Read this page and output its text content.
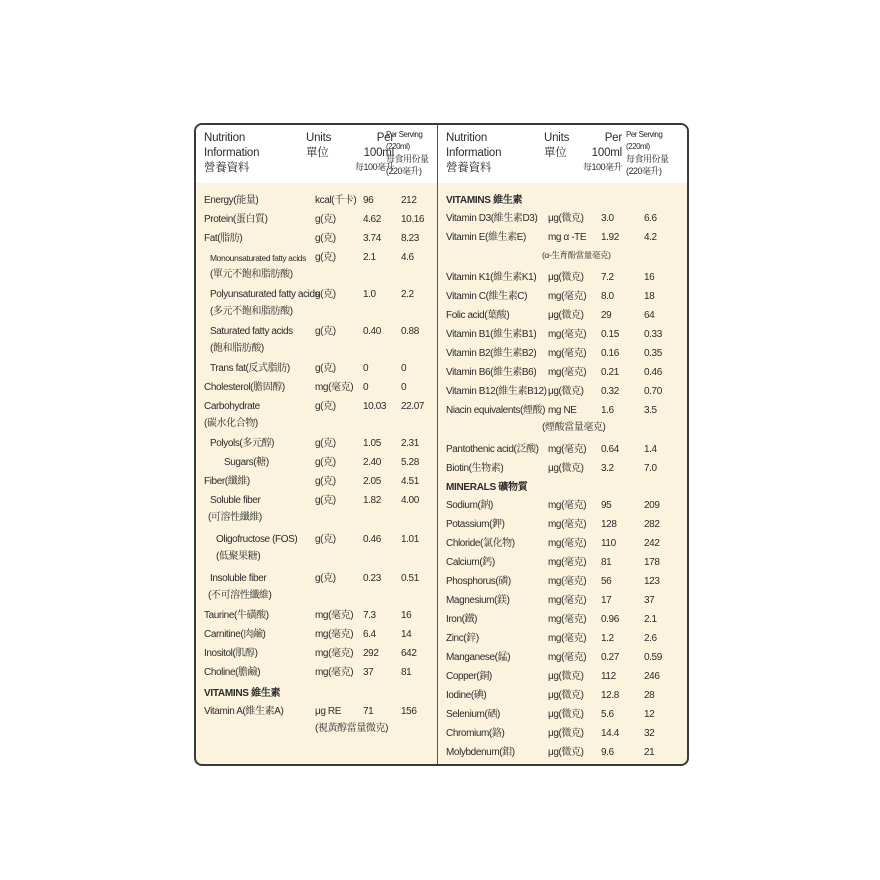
Nutrition
Information
營養資料
Units
單位
Per
100ml
每100毫升
Per Serving (220ml)
每食用份量
(220毫升)
Energy(能量)	kcal(千卡) 96	212
Protein(蛋白質)	g(克)	4.62 10.16
Fat(脂肪)	g(克)	3.74 8.23
Monounsaturated fatty acids
(單元不飽和脂肪酸)
g(克)	2.1	4.6
Polyunsaturated fatty acids
(多元不飽和脂肪酸)
g(克)	1.0	2.2
Saturated fatty acids
(飽和脂肪酸)
g(克)	0.40 0.88
Trans fat(反式脂肪)	g(克)	0	0
Cholesterol(膽固醇)	mg(毫克) 0	0
Carbohydrate
(碳水化合物)
g(克)	10.03 22.07
Polyols(多元醇)	g(克)	1.05 2.31
Sugars(糖)	g(克)	2.40 5.28
Fiber(纖維)	g(克)	2.05 4.51
Soluble fiber
(可溶性纖維)
g(克)	1.82 4.00
Oligofructose (FOS)
(低聚果糖)
g(克)	0.46 1.01
Insoluble fiber
(不可溶性纖維)
g(克)	0.23 0.51
Taurine(牛磺酸)	mg(毫克) 7.3	16
Carnitine(肉鹼)	mg(毫克) 6.4	14
Inositol(肌醇)	mg(毫克) 292 642
Choline(膽鹼)	mg(毫克) 37	81
VITAMINS 維生素
Vitamin A(維生素A)	μg RE
(視黃醇當量微克)
71	156
Nutrition
Information
營養資料
Units
單位
Per
100ml
每100毫升
Per Serving (220ml)
每食用份量
(220毫升)
VITAMINS 維生素
Vitamin D3(維生素D3) μg(微克) 3.0	6.6
Vitamin E(維生素E) mg α -TE
(α-生育酚當量毫克)
1.92	4.2
Vitamin K1(維生素K1) μg(微克) 7.2	16
Vitamin C(維生素C) mg(毫克) 8.0	18
Folic acid(葉酸)	μg(微克) 29	64
Vitamin B1(維生素B1) mg(毫克) 0.15	0.33
Vitamin B2(維生素B2) mg(毫克) 0.16	0.35
Vitamin B6(維生素B6) mg(毫克) 0.21	0.46
Vitamin B12(維生素B12) μg(微克) 0.32	0.70
Niacin equivalents(煙酸) mg NE
(煙酸當量毫克)
1.6	3.5
Pantothenic acid(泛酸) mg(毫克) 0.64	1.4
Biotin(生物素)	μg(微克) 3.2	7.0
MINERALS 礦物質
Sodium(鈉)	mg(毫克) 95	209
Potassium(鉀)	mg(毫克) 128	282
Chloride(氯化物)	mg(毫克) 110	242
Calcium(鈣)	mg(毫克) 81	178
Phosphorus(磷)	mg(毫克) 56	123
Magnesium(鎂)	mg(毫克) 17	37
Iron(鐵)	mg(毫克) 0.96	2.1
Zinc(鋅)	mg(毫克) 1.2	2.6
Manganese(錳)	mg(毫克) 0.27	0.59
Copper(銅)	μg(微克) 112	246
Iodine(碘)	μg(微克) 12.8	28
Selenium(硒)	μg(微克) 5.6	12
Chromium(鉻)	μg(微克) 14.4	32
Molybdenum(鉬)	μg(微克) 9.6	21
